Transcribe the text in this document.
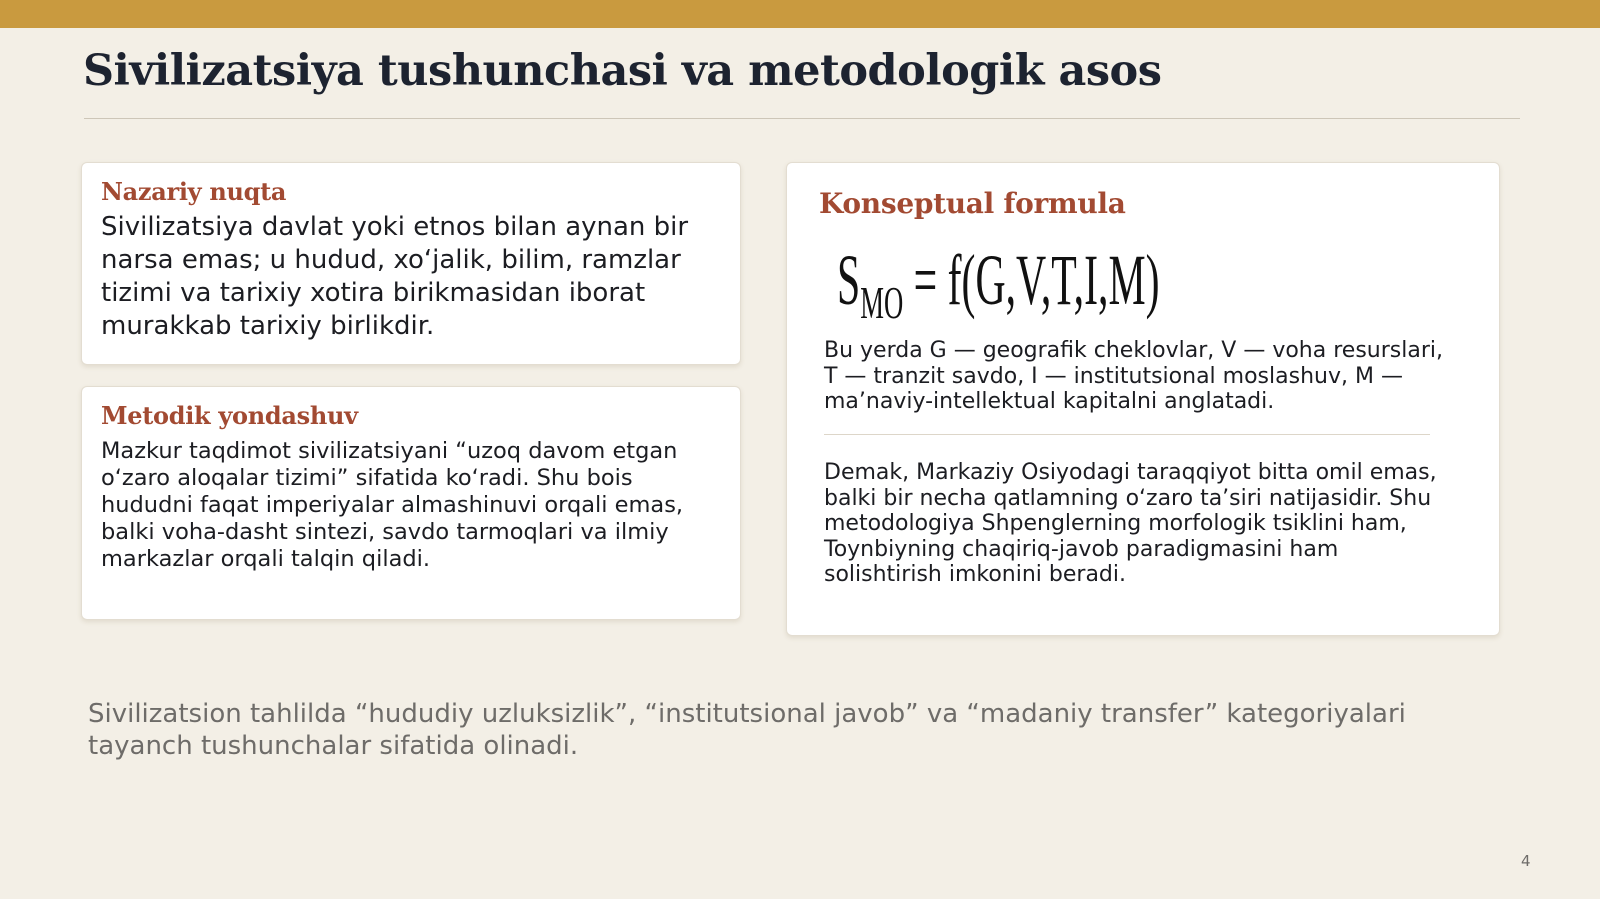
Sivilizatsiya tushunchasi va metodologik asos
Nazariy nuqta

Sivilizatsiya davlat yoki etnos bilan aynan bir narsa emas; u hudud, xo‘jalik, bilim, ramzlar tizimi va tarixiy xotira birikmasidan iborat murakkab tarixiy birlikdir.

Metodik yondashuv

Mazkur taqdimot sivilizatsiyani “uzoq davom etgan o‘zaro aloqalar tizimi” sifatida ko‘radi. Shu bois hududni faqat imperiyalar almashinuvi orqali emas, balki voha-dasht sintezi, savdo tarmoqlari va ilmiy markazlar orqali talqin qiladi.

Konseptual formula
$S_{MO} = f(G,V,T,I,M)$

Bu yerda G — geografik cheklovlar, V — voha resurslari, T — tranzit savdo, I — institutsional moslashuv, M — ma’naviy-intellektual kapitalni anglatadi.

Demak, Markaziy Osiyodagi taraqqiyot bitta omil emas, balki bir necha qatlamning o‘zaro ta’siri natijasidir. Shu metodologiya Shpenglerning morfologik tsiklini ham, Toynbiyning chaqiriq-javob paradigmasini ham solishtirish imkonini beradi.

Sivilizatsion tahlilda “hududiy uzluksizlik”, “institutsional javob” va “madaniy transfer” kategoriyalari tayanch tushunchalar sifatida olinadi.

4
